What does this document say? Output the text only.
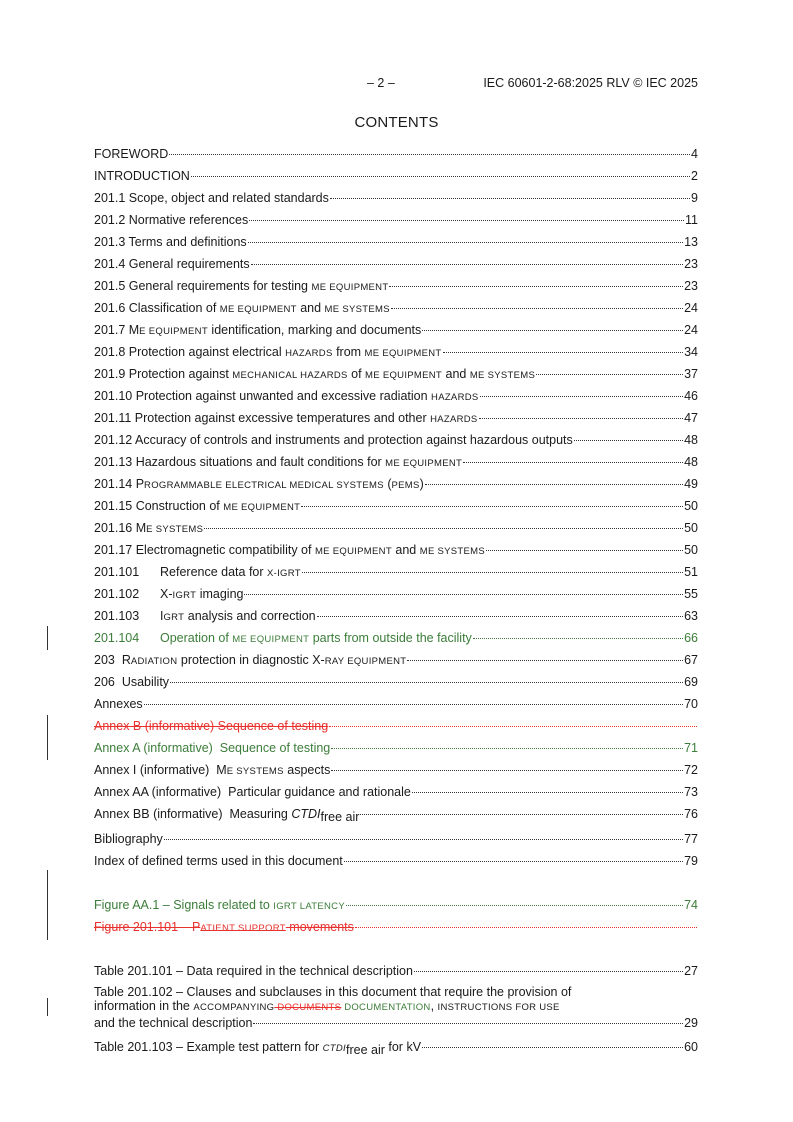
– 2 –	IEC 60601-2-68:2025 RLV © IEC 2025
CONTENTS
FOREWORD	4
INTRODUCTION	2
201.1 Scope, object and related standards	9
201.2 Normative references	11
201.3 Terms and definitions	13
201.4 General requirements	23
201.5 General requirements for testing ME EQUIPMENT	23
201.6 Classification of ME EQUIPMENT and ME SYSTEMS	24
201.7 ME EQUIPMENT identification, marking and documents	24
201.8 Protection against electrical HAZARDS from ME EQUIPMENT	34
201.9 Protection against MECHANICAL HAZARDS of ME EQUIPMENT and ME SYSTEMS	37
201.10 Protection against unwanted and excessive radiation HAZARDS	46
201.11 Protection against excessive temperatures and other HAZARDS	47
201.12 Accuracy of controls and instruments and protection against hazardous outputs	48
201.13 Hazardous situations and fault conditions for ME EQUIPMENT	48
201.14 PROGRAMMABLE ELECTRICAL MEDICAL SYSTEMS (PEMS)	49
201.15 Construction of ME EQUIPMENT	50
201.16 ME SYSTEMS	50
201.17 Electromagnetic compatibility of ME EQUIPMENT and ME SYSTEMS	50
201.101 Reference data for X-IGRT	51
201.102 X-IGRT imaging	55
201.103 IGRT analysis and correction	63
201.104 Operation of ME EQUIPMENT parts from outside the facility	66
203 RADIATION protection in diagnostic X-RAY EQUIPMENT	67
206 Usability	69
Annexes	70
Annex B (informative) Sequence of testing
Annex A (informative) Sequence of testing	71
Annex I (informative) ME SYSTEMS aspects	72
Annex AA (informative) Particular guidance and rationale	73
Annex BB (informative) Measuring CTDIfree air	76
Bibliography	77
Index of defined terms used in this document	79
Figure AA.1 – Signals related to IGRT LATENCY	74
Figure 201.101 – PATIENT SUPPORT movements
Table 201.101 – Data required in the technical description	27
Table 201.102 – Clauses and subclauses in this document that require the provision of
information in the ACCOMPANYING DOCUMENTS DOCUMENTATION, INSTRUCTIONS FOR USE
and the technical description	29
Table 201.103 – Example test pattern for CTDIfree air for kV	60
